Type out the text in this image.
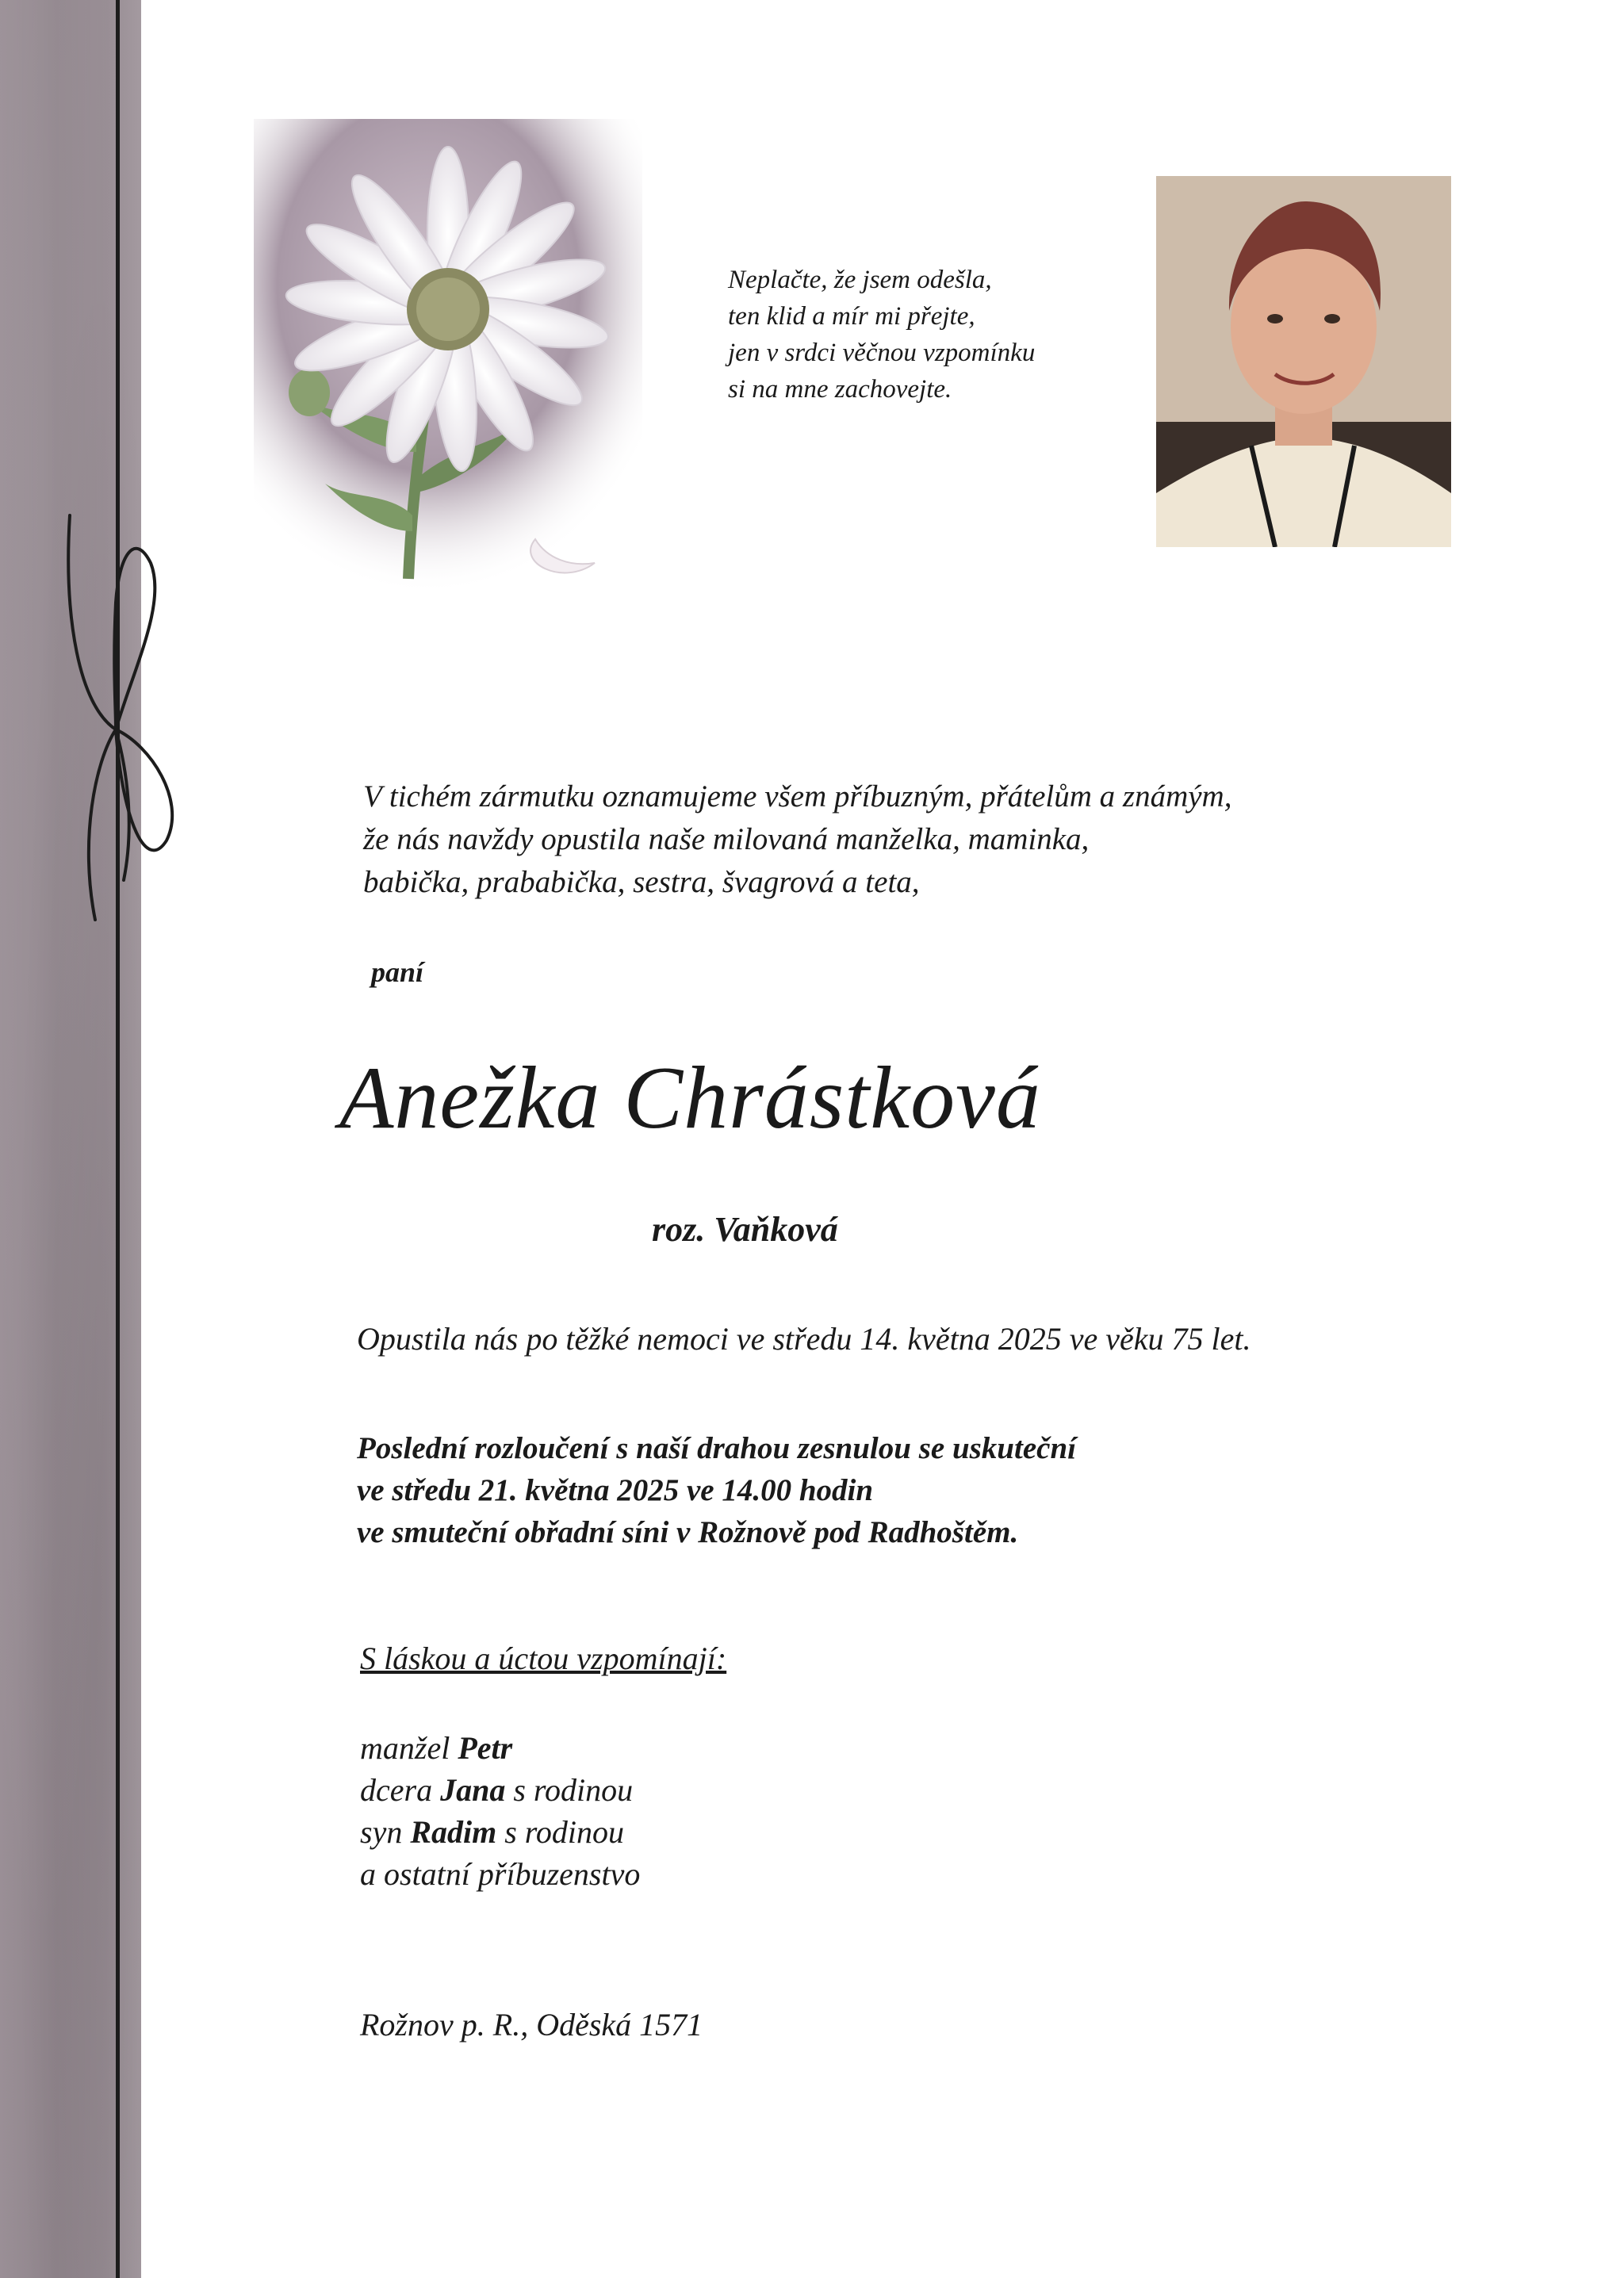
Neplačte, že jsem odešla,
ten klid a mír mi přejte,
jen v srdci věčnou vzpomínku
si na mne zachovejte.
V tichém zármutku oznamujeme všem příbuzným, přátelům a známým,
že nás navždy opustila naše milovaná manželka, maminka,
babička, prababička, sestra, švagrová a teta,
paní
Anežka Chrástková
roz. Vaňková
Opustila nás po těžké nemoci ve středu 14. května 2025 ve věku 75 let.
Poslední rozloučení s naší drahou zesnulou se uskuteční
ve středu 21. května 2025 ve 14.00 hodin
ve smuteční obřadní síni v Rožnově pod Radhoštěm.
S láskou a úctou vzpomínají:
manžel Petr
dcera Jana s rodinou
syn Radim s rodinou
a ostatní příbuzenstvo
Rožnov p. R., Oděská 1571
